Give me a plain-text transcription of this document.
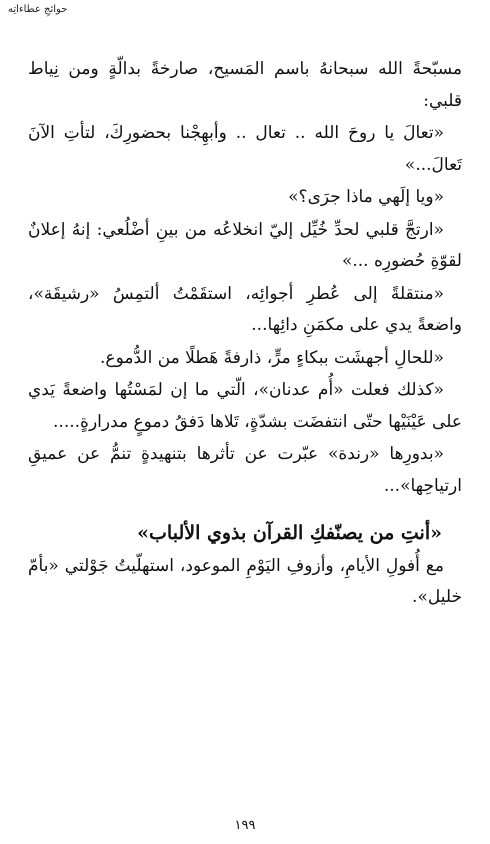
حوائجِ عطاءاتِه

مسبّحةً الله سبحانهُ باسم المَسيح، صارخةً بدالّةٍ ومن نِياط قلبي:

«تعالَ يا روحَ الله .. تعال .. وأبهِجْنا بحضورِكَ، لتأتِ الآنَ تَعالَ...»

«ويا إلَهي ماذا جرَى؟»

«ارتجَّ قلبي لحدِّ خُيِّل إليّ انخلاعُه من بينِ أضْلُعي: إنهُ إعلانٌ لقوّةِ حُضورِه ...»

«منتقلةً إلى عُطرِ أجوائِه، استقَمْتُ ألتمِسُ «رشيقَة»، واضعةً يدي على مكمَنِ دائِها...

«للحالِ أجهشَت ببكاءٍ مرٍّ، ذارفةً هَطلًا من الدُّموع.

«كذلك فعلت «أُم عدنان»، الّتي ما إن لمَسْتُها واضعةً يَدي على عَيْنَيْها حتّى انتفضَت بشدّةٍ، تَلاها دَفقُ دموعٍ مدرارةٍ.....

«بدورِها «رندة» عبّرت عن تأثرها بتنهيدةٍ تنمُّ عن عميقِ ارتياحِها»...

«أنتِ من يصنّفكِ القرآن بذوي الألباب»

مع أُفولِ الأيامِ، وأزوفِ اليَوْمِ الموعود، استهلّيتُ جَوْلتي «بأمّ خليل».

١٩٩
